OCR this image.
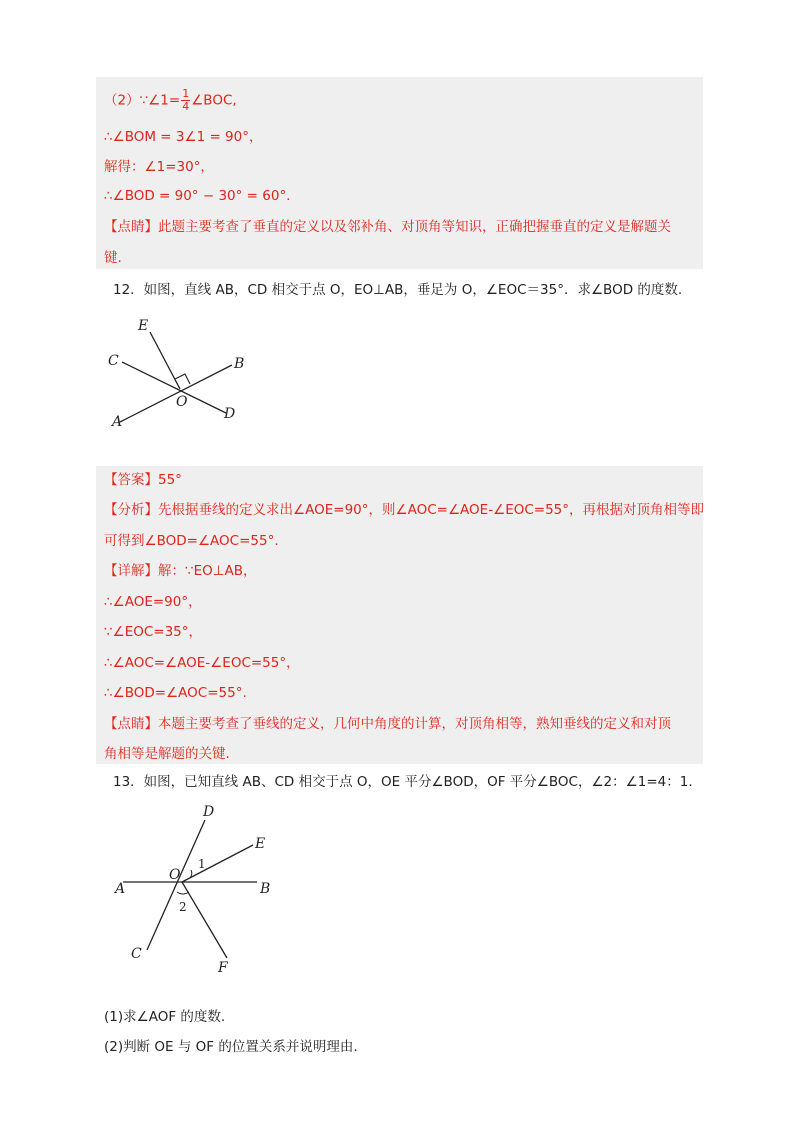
（2）∵∠1= $\frac{1}{4}$ ∠BOC,
∴∠BOM = 3∠1 = 90°，
解得：∠1=30°，
∴∠BOD = 90° − 30° = 60°．
【点睛】此题主要考查了垂直的定义以及邻补角、对顶角等知识，正确把握垂直的定义是解题关
键.
12．如图，直线 AB，CD 相交于点 O，EO⊥AB，垂足为 O，∠EOC＝35°．求∠BOD 的度数.
E
C	B
O
A	D
【答案】55°
【分析】先根据垂线的定义求出∠AOE=90°，则∠AOC=∠AOE-∠EOC=55°，再根据对顶角相等即
可得到∠BOD=∠AOC=55°.
【详解】解：∵EO⊥AB，
∴∠AOE=90°，
∵∠EOC=35°，
∴∠AOC=∠AOE-∠EOC=55°，
∴∠BOD=∠AOC=55°.
【点睛】本题主要考查了垂线的定义，几何中角度的计算，对顶角相等，熟知垂线的定义和对顶
角相等是解题的关键.
13．如图，已知直线 AB、CD 相交于点 O，OE 平分∠BOD，OF 平分∠BOC，∠2：∠1=4：1.
D
E
1
O
A	B
2
C
F
(1)求∠AOF 的度数.
(2)判断 OE 与 OF 的位置关系并说明理由.
